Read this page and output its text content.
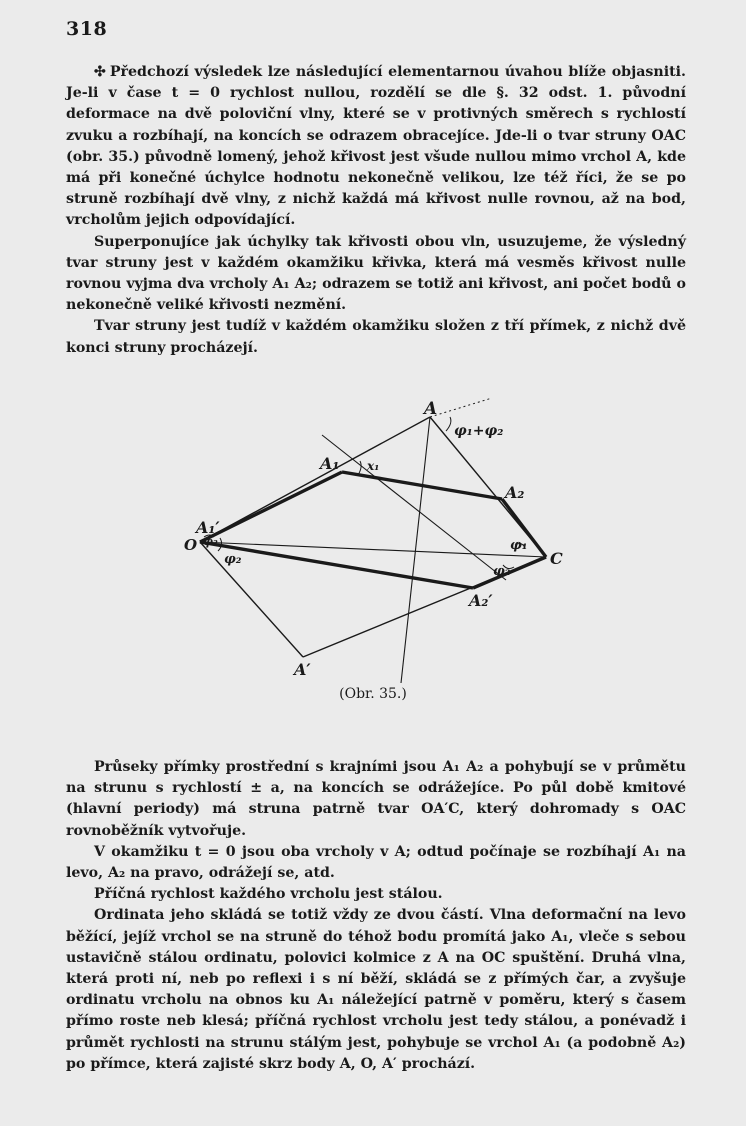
318

✣ Předchozí výsledek lze následující elementarnou úvahou blíže objasniti. Je-li v čase t = 0 rychlost nullou, rozdělí se dle §. 32 odst. 1. původní deformace na dvě poloviční vlny, které se v protivných směrech s rychlostí zvuku a rozbíhají, na koncích se odrazem obracejíce. Jde-li o tvar struny OAC (obr. 35.) původně lomený, jehož křivost jest všude nullou mimo vrchol A, kde má při konečné úchylce hodnotu nekonečně velikou, lze též říci, že se po struně rozbíhají dvě vlny, z nichž každá má křivost nulle rovnou, až na bod, vrcholům jejich odpovídající.

Superponujíce jak úchylky tak křivosti obou vln, usuzujeme, že výsledný tvar struny jest v každém okamžiku křivka, která má vesměs křivost nulle rovnou vyjma dva vrcholy A₁ A₂; odrazem se totiž ani křivost, ani počet bodů o nekonečně veliké křivosti nezmění.

Tvar struny jest tudíž v každém okamžiku složen z tří přímek, z nichž dvě konci struny procházejí.

A
A₁
A₂
A₁′
A₂′
A′
O
C
x₁
φ₁+φ₂
φ₂
φ₂	φ₁
φ₂
(Obr. 35.)

Průseky přímky prostřední s krajními jsou A₁ A₂ a pohybují se v průmětu na strunu s rychlostí ± a, na koncích se odrážejíce. Po půl době kmitové (hlavní periody) má struna patrně tvar OA′C, který dohromady s OAC rovnoběžník vytvořuje.

V okamžiku t = 0 jsou oba vrcholy v A; odtud počínaje se rozbíhají A₁ na levo, A₂ na pravo, odrážejí se, atd.

Příčná rychlost každého vrcholu jest stálou.

Ordinata jeho skládá se totiž vždy ze dvou částí. Vlna deformační na levo běžící, jejíž vrchol se na struně do téhož bodu promítá jako A₁, vleče s sebou ustavičně stálou ordinatu, polovici kolmice z A na OC spuštění. Druhá vlna, která proti ní, neb po reflexi i s ní běží, skládá se z přímých čar, a zvyšuje ordinatu vrcholu na obnos ku A₁ náležející patrně v poměru, který s časem přímo roste neb klesá; příčná rychlost vrcholu jest tedy stálou, a ponévadž i průmět rychlosti na strunu stálým jest, pohybuje se vrchol A₁ (a podobně A₂) po přímce, která zajisté skrz body A, O, A′ prochází.
